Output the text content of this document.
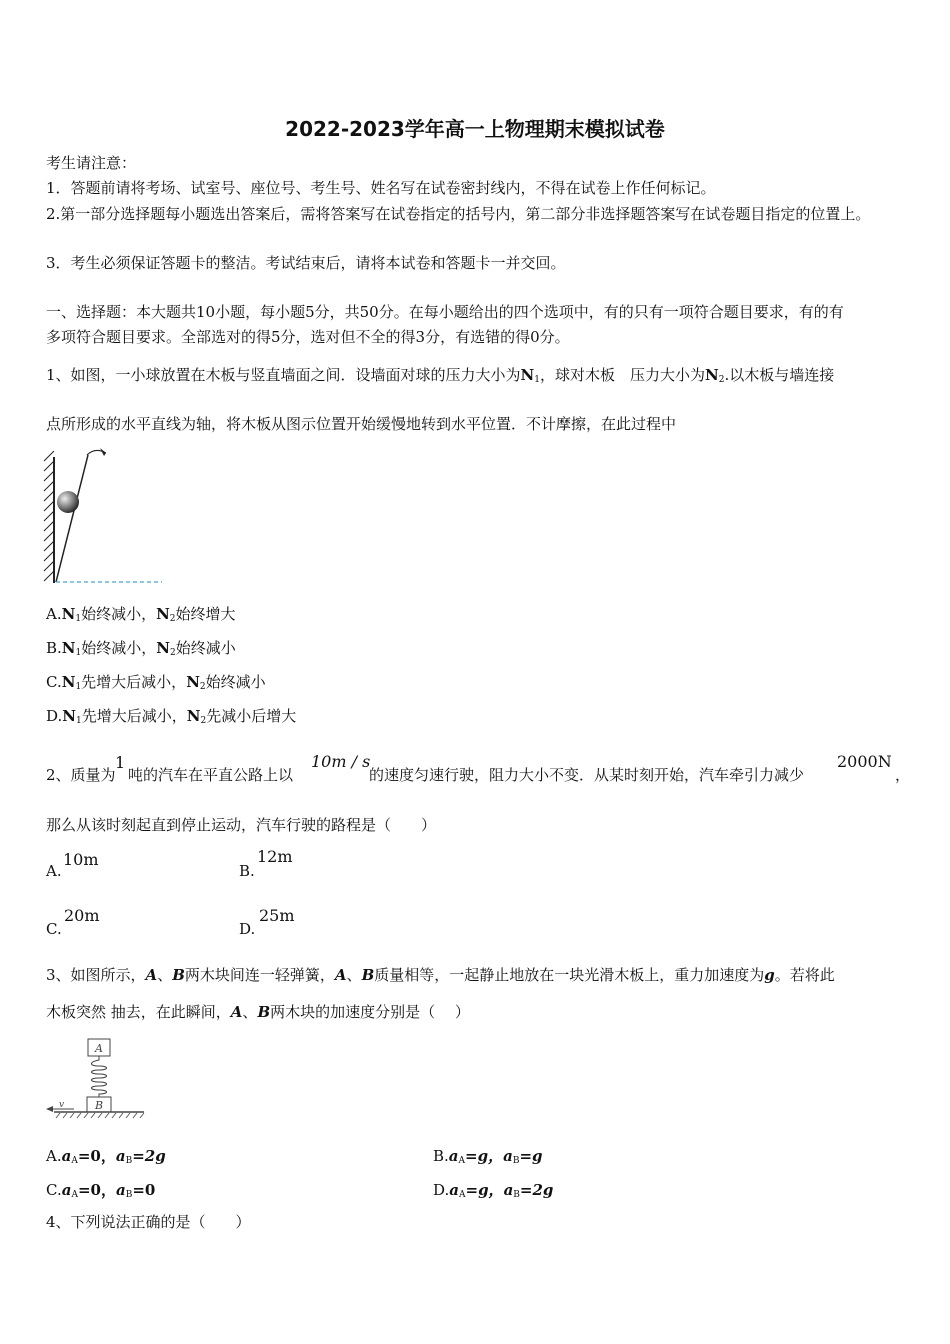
2022-2023学年高一上物理期末模拟试卷
考生请注意：
1．答题前请将考场、试室号、座位号、考生号、姓名写在试卷密封线内，不得在试卷上作任何标记。
2.第一部分选择题每小题选出答案后，需将答案写在试卷指定的括号内，第二部分非选择题答案写在试卷题目指定的位置上。
3．考生必须保证答题卡的整洁。考试结束后，请将本试卷和答题卡一并交回。
一、选择题：本大题共10小题，每小题5分，共50分。在每小题给出的四个选项中，有的只有一项符合题目要求，有的有
多项符合题目要求。全部选对的得5分，选对但不全的得3分，有选错的得0分。
1、如图，一小球放置在木板与竖直墙面之间．设墙面对球的压力大小为$N_1$，球对木板　压力大小为$N_2$.以木板与墙连接
点所形成的水平直线为轴，将木板从图示位置开始缓慢地转到水平位置．不计摩擦，在此过程中
$A.N_1$始终减小，$N_2$始终增大
$B.N_1$始终减小，$N_2$始终减小
$C.N_1$先增大后减小，$N_2$始终减小
$D.N_1$先增大后减小，$N_2$先减小后增大
2、质量为
1
吨的汽车在平直公路上以
10m / s
的速度匀速行驶，阻力大小不变．从某时刻开始，汽车牵引力减少
2000N
，
那么从该时刻起直到停止运动，汽车行驶的路程是（　　）
A.
10m
B.
12m
C.
20m
D.
25m
3、如图所示，A、B两木块间连一轻弹簧，A、B质量相等，一起静止地放在一块光滑木板上，重力加速度为g。若将此
木板突然 抽去，在此瞬间，A、B两木块的加速度分别是（　 ）
A
B
v
$A.a_A=0$，$a_B=2g$	$B.a_A=g$，$a_B=g$
$C.a_A=0$，$a_B=0$	$D.a_A=g$，$a_B=2g$
4、下列说法正确的是（　　）
